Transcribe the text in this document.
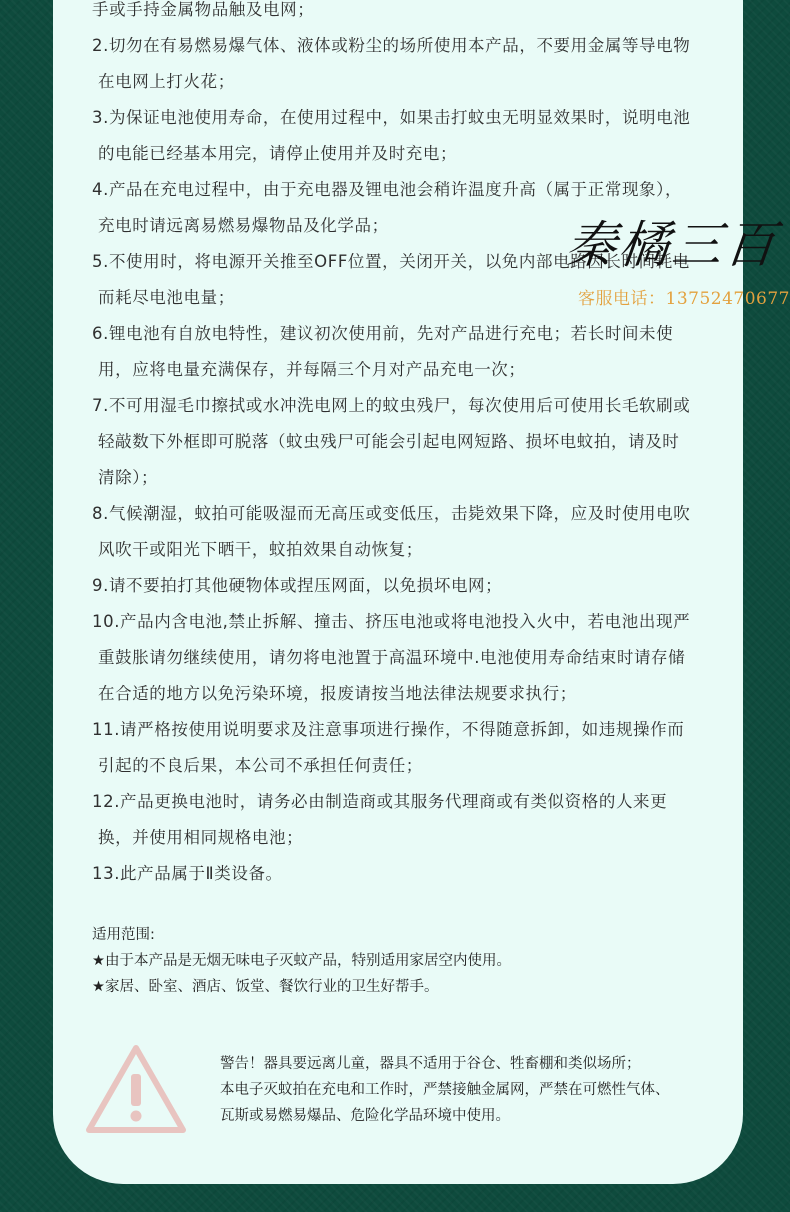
手或手持金属物品触及电网；
2.切勿在有易燃易爆气体、液体或粉尘的场所使用本产品，不要用金属等导电物
在电网上打火花；
3.为保证电池使用寿命，在使用过程中，如果击打蚊虫无明显效果时，说明电池
的电能已经基本用完，请停止使用并及时充电；
4.产品在充电过程中，由于充电器及锂电池会稍许温度升高（属于正常现象），
充电时请远离易燃易爆物品及化学品；
5.不使用时，将电源开关推至OFF位置，关闭开关，以免内部电路因长时间耗电
而耗尽电池电量；
6.锂电池有自放电特性，建议初次使用前，先对产品进行充电；若长时间未使
用，应将电量充满保存，并每隔三个月对产品充电一次；
7.不可用湿毛巾擦拭或水冲洗电网上的蚊虫残尸，每次使用后可使用长毛软刷或
轻敲数下外框即可脱落（蚊虫残尸可能会引起电网短路、损坏电蚊拍，请及时
清除）；
8.气候潮湿，蚊拍可能吸湿而无高压或变低压，击毙效果下降，应及时使用电吹
风吹干或阳光下晒干，蚊拍效果自动恢复；
9.请不要拍打其他硬物体或捏压网面，以免损坏电网；
10.产品内含电池,禁止拆解、撞击、挤压电池或将电池投入火中，若电池出现严
重鼓胀请勿继续使用，请勿将电池置于高温环境中.电池使用寿命结束时请存储
在合适的地方以免污染环境，报废请按当地法律法规要求执行；
11.请严格按使用说明要求及注意事项进行操作，不得随意拆卸，如违规操作而
引起的不良后果，本公司不承担任何责任；
12.产品更换电池时，请务必由制造商或其服务代理商或有类似资格的人来更
换，并使用相同规格电池；
13.此产品属于Ⅱ类设备。
适用范围:
★由于本产品是无烟无味电子灭蚊产品，特别适用家居空内使用。
★家居、卧室、酒店、饭堂、餐饮行业的卫生好帮手。
警告！器具要远离儿童，器具不适用于谷仓、牲畜棚和类似场所；
本电子灭蚊拍在充电和工作时，严禁接触金属网，严禁在可燃性气体、
瓦斯或易燃易爆品、危险化学品环境中使用。
秦橘三百
客服电话：13752470677
